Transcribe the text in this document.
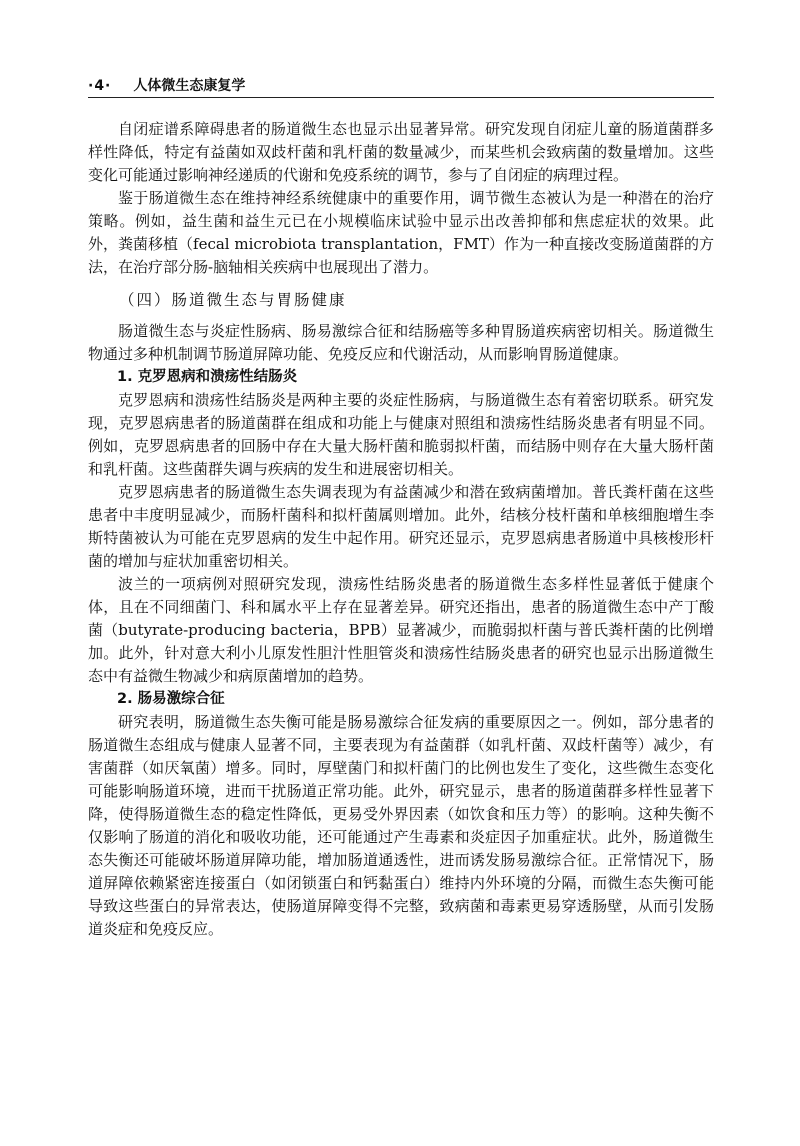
·4· 人体微生态康复学

自闭症谱系障碍患者的肠道微生态也显示出显著异常。研究发现自闭症儿童的肠道菌群多样性降低，特定有益菌如双歧杆菌和乳杆菌的数量减少，而某些机会致病菌的数量增加。这些变化可能通过影响神经递质的代谢和免疫系统的调节，参与了自闭症的病理过程。

鉴于肠道微生态在维持神经系统健康中的重要作用，调节微生态被认为是一种潜在的治疗策略。例如，益生菌和益生元已在小规模临床试验中显示出改善抑郁和焦虑症状的效果。此外，粪菌移植（fecal microbiota transplantation，FMT）作为一种直接改变肠道菌群的方法，在治疗部分肠-脑轴相关疾病中也展现出了潜力。

（四）肠道微生态与胃肠健康

肠道微生态与炎症性肠病、肠易激综合征和结肠癌等多种胃肠道疾病密切相关。肠道微生物通过多种机制调节肠道屏障功能、免疫反应和代谢活动，从而影响胃肠道健康。

1. 克罗恩病和溃疡性结肠炎

克罗恩病和溃疡性结肠炎是两种主要的炎症性肠病，与肠道微生态有着密切联系。研究发现，克罗恩病患者的肠道菌群在组成和功能上与健康对照组和溃疡性结肠炎患者有明显不同。例如，克罗恩病患者的回肠中存在大量大肠杆菌和脆弱拟杆菌，而结肠中则存在大量大肠杆菌和乳杆菌。这些菌群失调与疾病的发生和进展密切相关。

克罗恩病患者的肠道微生态失调表现为有益菌减少和潜在致病菌增加。普氏粪杆菌在这些患者中丰度明显减少，而肠杆菌科和拟杆菌属则增加。此外，结核分枝杆菌和单核细胞增生李斯特菌被认为可能在克罗恩病的发生中起作用。研究还显示，克罗恩病患者肠道中具核梭形杆菌的增加与症状加重密切相关。

波兰的一项病例对照研究发现，溃疡性结肠炎患者的肠道微生态多样性显著低于健康个体，且在不同细菌门、科和属水平上存在显著差异。研究还指出，患者的肠道微生态中产丁酸菌（butyrate-producing bacteria，BPB）显著减少，而脆弱拟杆菌与普氏粪杆菌的比例增加。此外，针对意大利小儿原发性胆汁性胆管炎和溃疡性结肠炎患者的研究也显示出肠道微生态中有益微生物减少和病原菌增加的趋势。

2. 肠易激综合征

研究表明，肠道微生态失衡可能是肠易激综合征发病的重要原因之一。例如，部分患者的肠道微生态组成与健康人显著不同，主要表现为有益菌群（如乳杆菌、双歧杆菌等）减少，有害菌群（如厌氧菌）增多。同时，厚壁菌门和拟杆菌门的比例也发生了变化，这些微生态变化可能影响肠道环境，进而干扰肠道正常功能。此外，研究显示，患者的肠道菌群多样性显著下降，使得肠道微生态的稳定性降低，更易受外界因素（如饮食和压力等）的影响。这种失衡不仅影响了肠道的消化和吸收功能，还可能通过产生毒素和炎症因子加重症状。此外，肠道微生态失衡还可能破坏肠道屏障功能，增加肠道通透性，进而诱发肠易激综合征。正常情况下，肠道屏障依赖紧密连接蛋白（如闭锁蛋白和钙黏蛋白）维持内外环境的分隔，而微生态失衡可能导致这些蛋白的异常表达，使肠道屏障变得不完整，致病菌和毒素更易穿透肠壁，从而引发肠道炎症和免疫反应。
